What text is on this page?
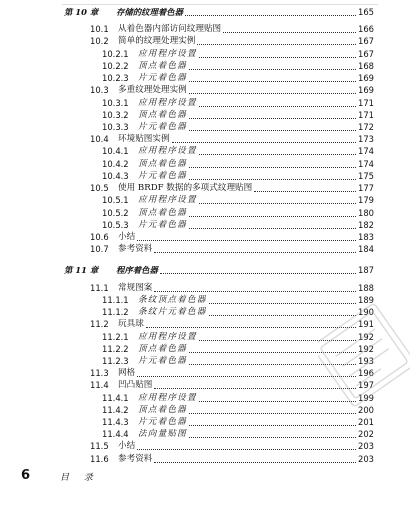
第 10 章	存储的纹理着色器	165
10.1	从着色器内部访问纹理贴图	166
10.2	简单的纹理处理实例	167
10.2.1	应用程序设置	167
10.2.2	顶点着色器	168
10.2.3	片元着色器	169
10.3	多重纹理处理实例	169
10.3.1	应用程序设置	171
10.3.2	顶点着色器	171
10.3.3	片元着色器	172
10.4	环境贴图实例	173
10.4.1	应用程序设置	174
10.4.2	顶点着色器	174
10.4.3	片元着色器	175
10.5	使用 BRDF 数据的多项式纹理贴图	177
10.5.1	应用程序设置	179
10.5.2	顶点着色器	180
10.5.3	片元着色器	182
10.6	小结	183
10.7	参考资料	184
第 11 章	程序着色器	187
11.1	常规图案	188
11.1.1	条纹顶点着色器	189
11.1.2	条纹片元着色器	190
11.2	玩具球	191
11.2.1	应用程序设置	192
11.2.2	顶点着色器	192
11.2.3	片元着色器	193
11.3	网格	196
11.4	凹凸贴图	197
11.4.1	应用程序设置	199
11.4.2	顶点着色器	200
11.4.3	片元着色器	201
11.4.4	法向量贴图	202
11.5	小结	203
11.6	参考资料	203
6	目 录
